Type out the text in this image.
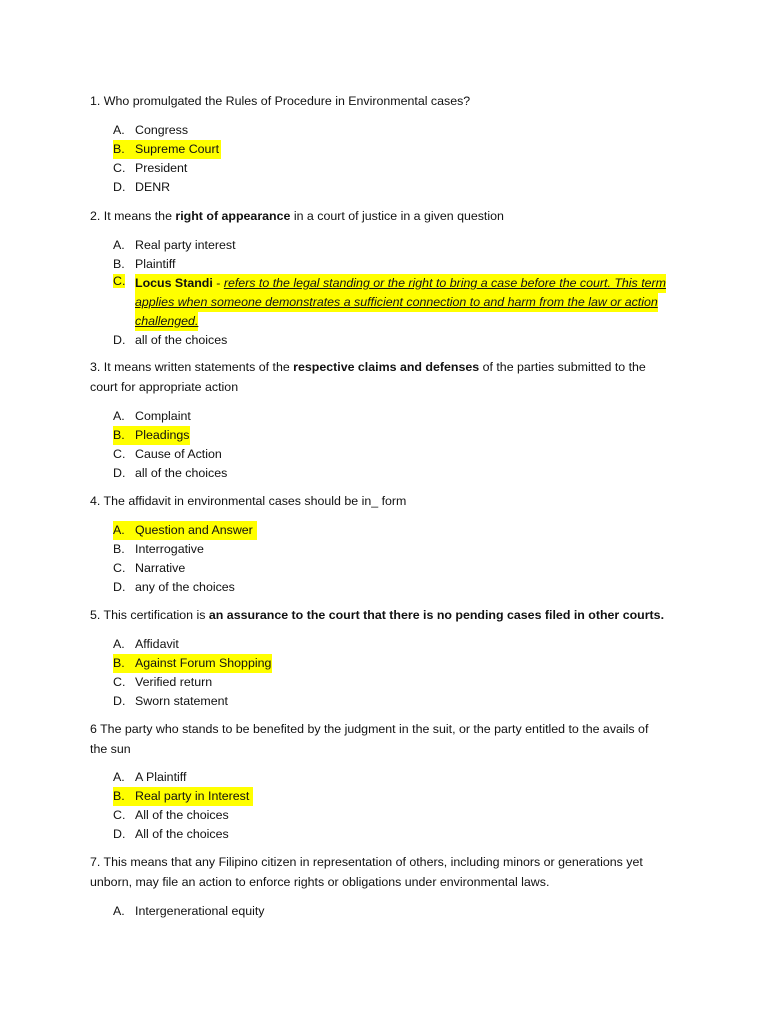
1. Who promulgated the Rules of Procedure in Environmental cases?

A. Congress
B. Supreme Court
C. President
D. DENR

2. It means the right of appearance in a court of justice in a given question

A. Real party interest
B. Plaintiff
C. Locus Standi - refers to the legal standing or the right to bring a case before the court. This term
applies when someone demonstrates a sufficient connection to and harm from the law or action
challenged.
D. all of the choices

3. It means written statements of the respective claims and defenses of the parties submitted to the
court for appropriate action

A. Complaint
B. Pleadings
C. Cause of Action
D. all of the choices

4. The affidavit in environmental cases should be in_ form

A. Question and Answer
B. Interrogative
C. Narrative
D. any of the choices

5. This certification is an assurance to the court that there is no pending cases filed in other courts.

A. Affidavit
B. Against Forum Shopping
C. Verified return
D. Sworn statement

6 The party who stands to be benefited by the judgment in the suit, or the party entitled to the avails of
the sun

A. A Plaintiff
B. Real party in Interest
C. All of the choices
D. All of the choices

7. This means that any Filipino citizen in representation of others, including minors or generations yet
unborn, may file an action to enforce rights or obligations under environmental laws.

A. Intergenerational equity
